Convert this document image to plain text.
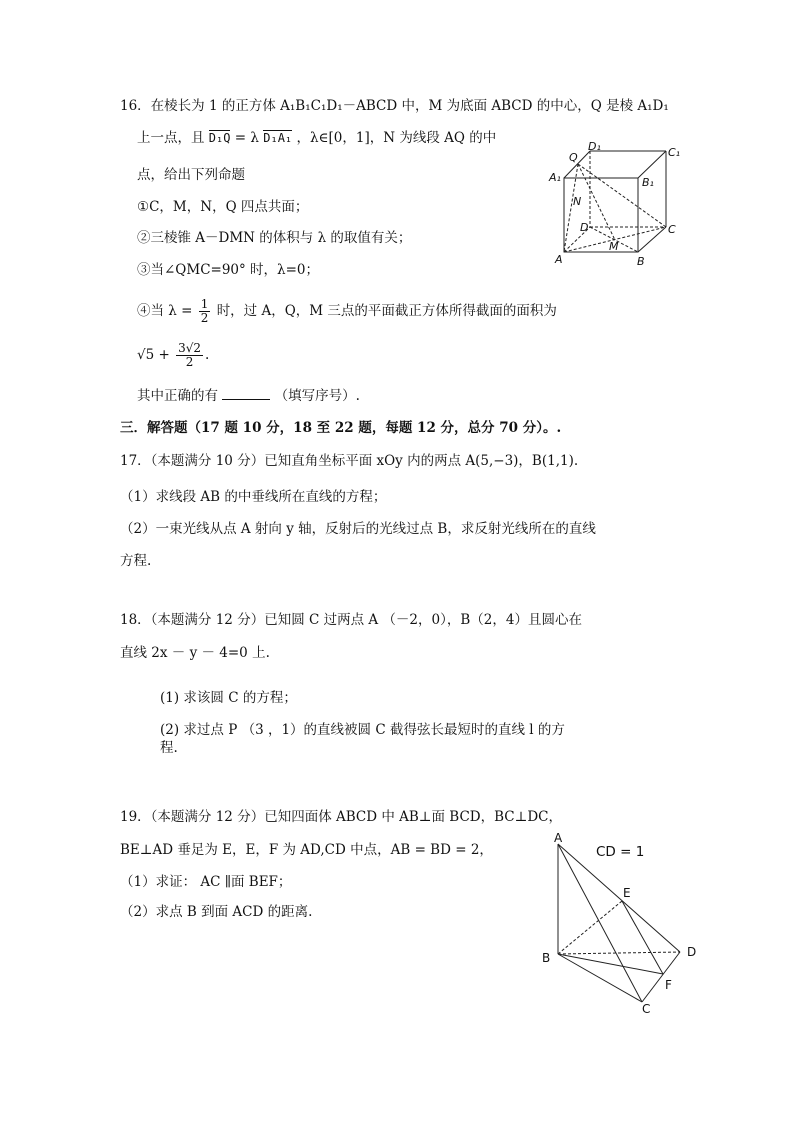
16．在棱长为 1 的正方体 A₁B₁C₁D₁－ABCD 中，M 为底面 ABCD 的中心，Q 是棱 A₁D₁
上一点，且 D₁Q = λ D₁A₁ ，λ∈[0，1]，N 为线段 AQ 的中
点，给出下列命题
①C，M，N，Q 四点共面；
②三棱锥 A－DMN 的体积与 λ 的取值有关；
③当∠QMC=90° 时，λ=0；
④当 $\lambda = \frac{1}{2}$ 时，过 A，Q，M 三点的平面截正方体所得截面的面积为
$√5 + \frac{3√2}{2}$ .
其中正确的有	（填写序号）.
Q
D₁	C₁
A₁	B₁
N
D	C
M
A	B
三．解答题（17 题 10 分，18 至 22 题，每题 12 分，总分 70 分）。.
17．（本题满分 10 分）已知直角坐标平面 xOy 内的两点 A(5,−3)，B(1,1).
（1）求线段 AB 的中垂线所在直线的方程；
（2）一束光线从点 A 射向 y 轴，反射后的光线过点 B，求反射光线所在的直线
方程.
18．（本题满分 12 分）已知圆 C 过两点 A （－2，0），B（2，4）且圆心在
直线 2x － y － 4=0 上.
(1) 求该圆 C 的方程；
(2) 求过点 P （3 ，1）的直线被圆 C 截得弦长最短时的直线 l 的方
程.
19．（本题满分 12 分）已知四面体 ABCD 中 AB⊥面 BCD，BC⊥DC，
BE⊥AD 垂足为 E，E，F 为 AD,CD 中点，AB = BD = 2，	CD = 1
（1）求证： AC ∥面 BEF；
（2）求点 B 到面 ACD 的距离.
A
E
B	D
F
C
